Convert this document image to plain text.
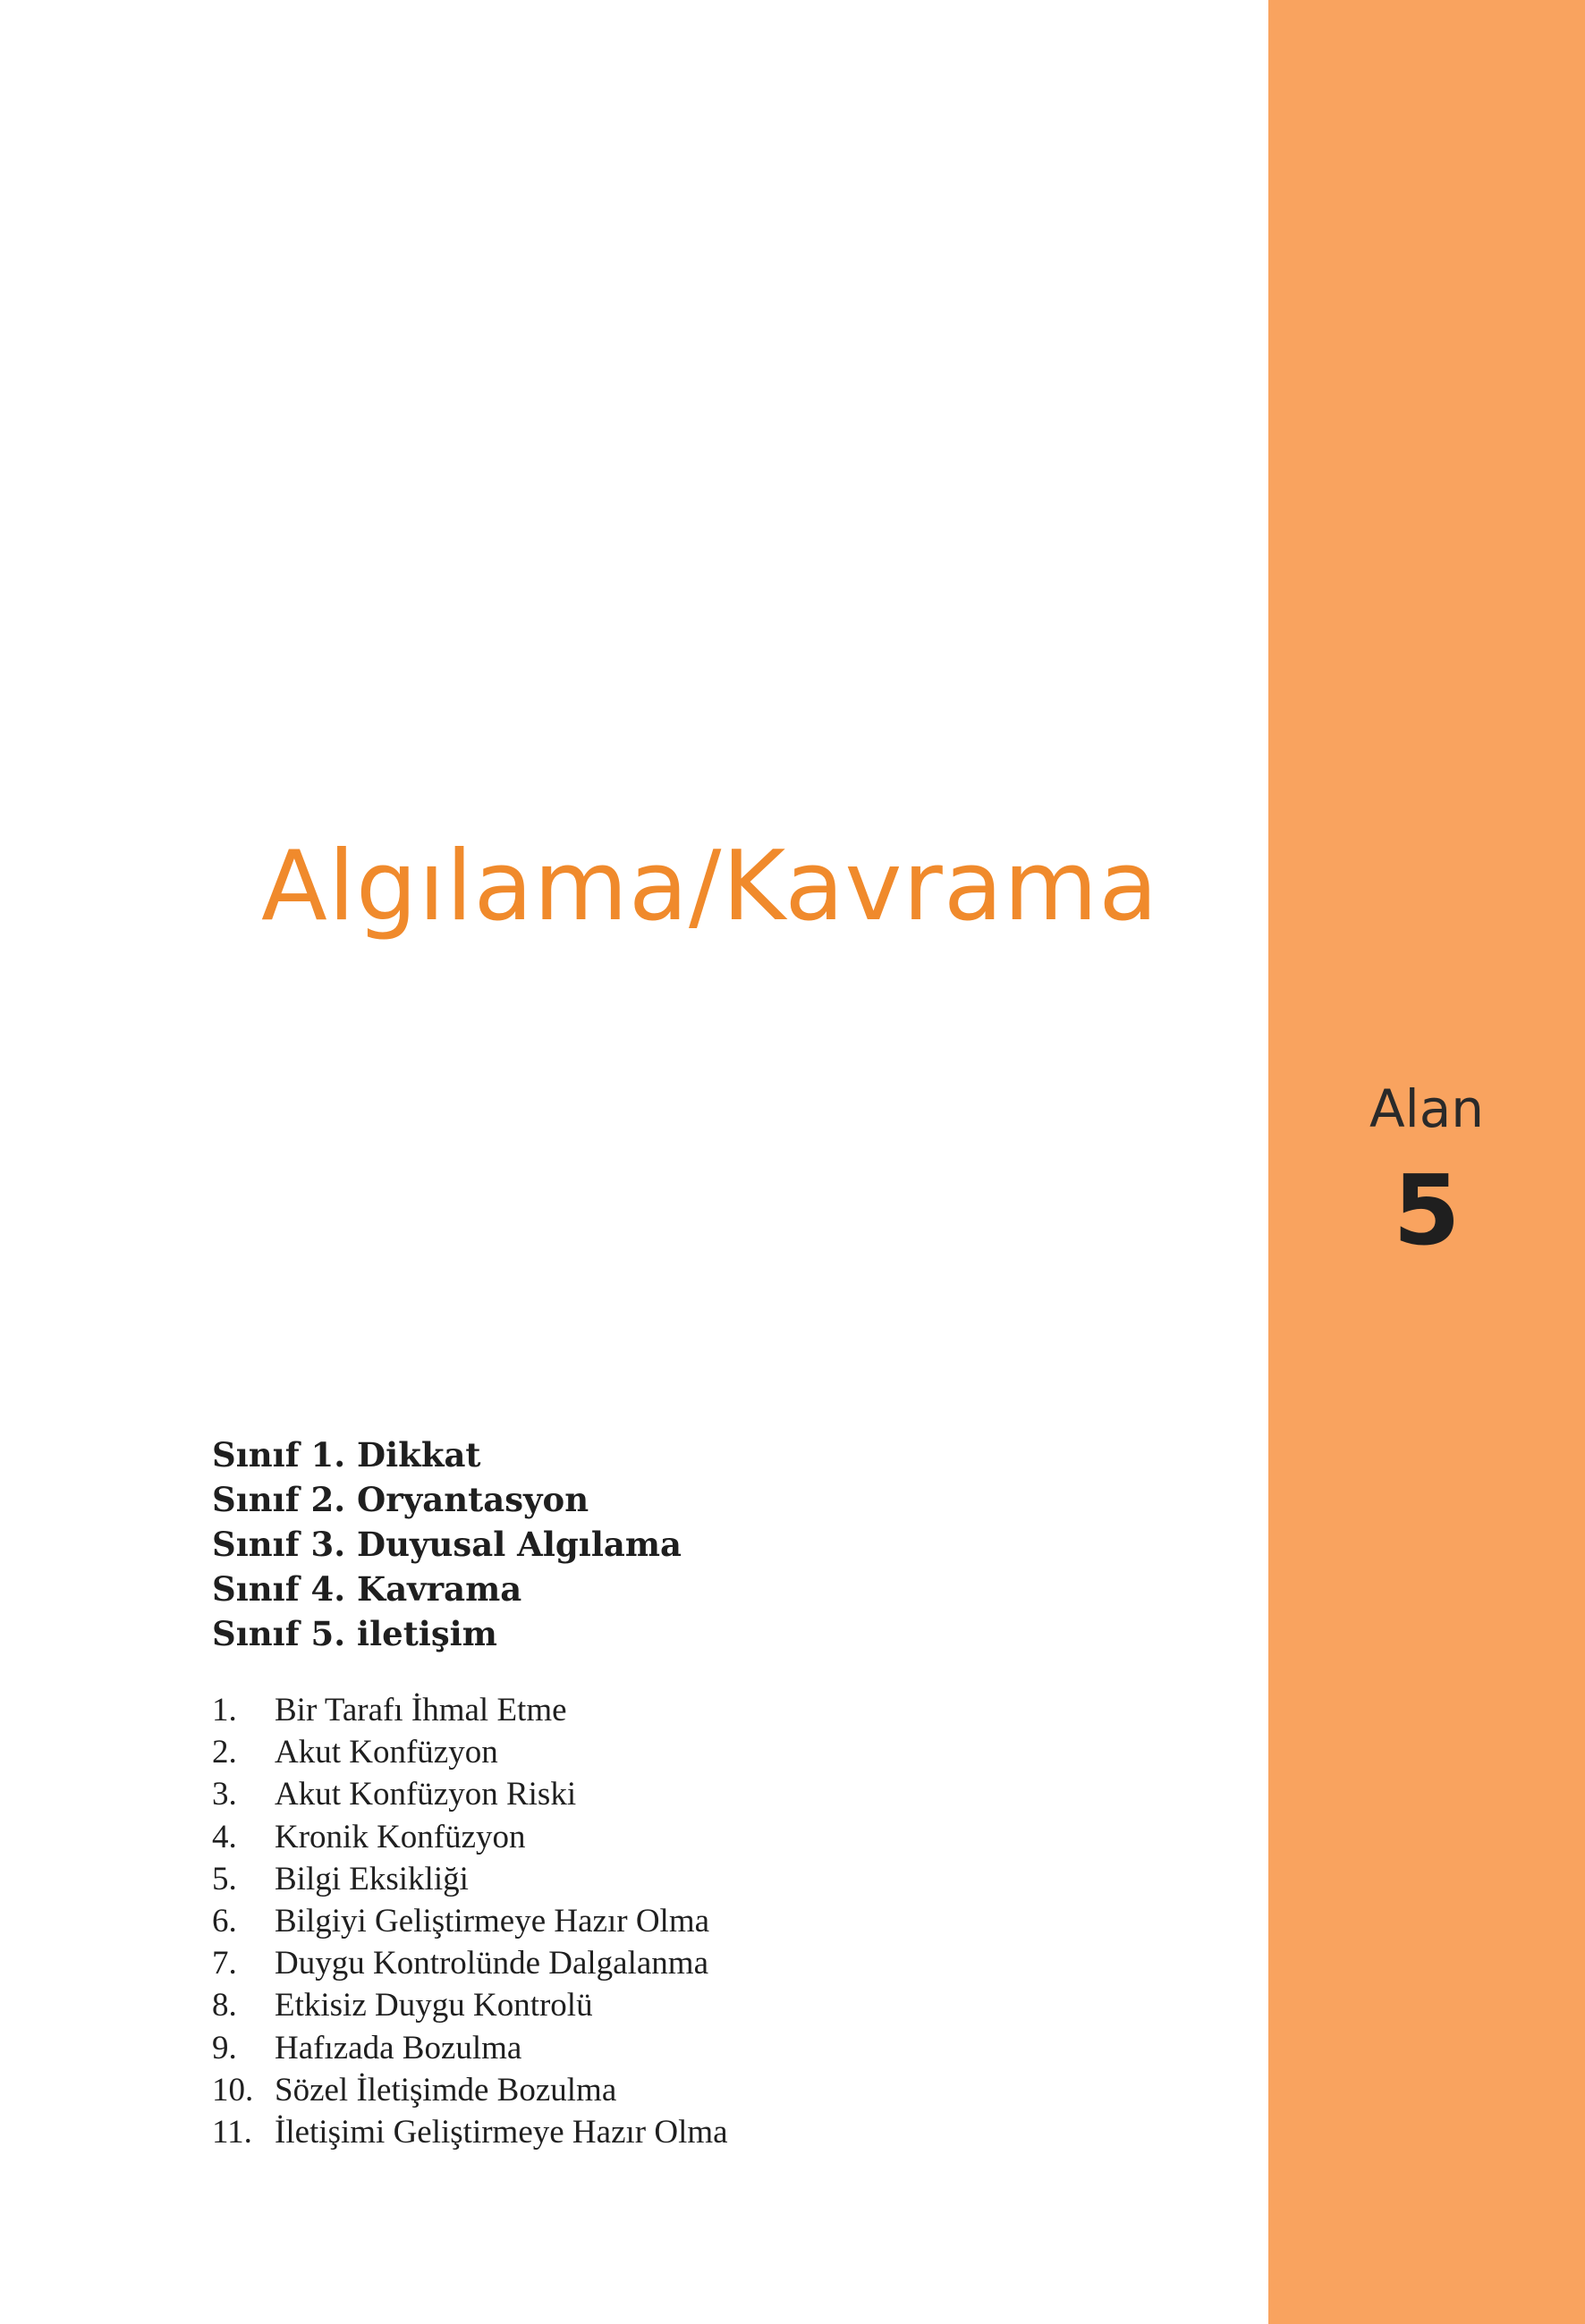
Algılama/Kavrama
Alan
5
Sınıf 1. Dikkat
Sınıf 2. Oryantasyon
Sınıf 3. Duyusal Algılama
Sınıf 4. Kavrama
Sınıf 5. iletişim
1. Bir Tarafı İhmal Etme
2. Akut Konfüzyon
3. Akut Konfüzyon Riski
4. Kronik Konfüzyon
5. Bilgi Eksikliği
6. Bilgiyi Geliştirmeye Hazır Olma
7. Duygu Kontrolünde Dalgalanma
8. Etkisiz Duygu Kontrolü
9. Hafızada Bozulma
10. Sözel İletişimde Bozulma
11. İletişimi Geliştirmeye Hazır Olma
